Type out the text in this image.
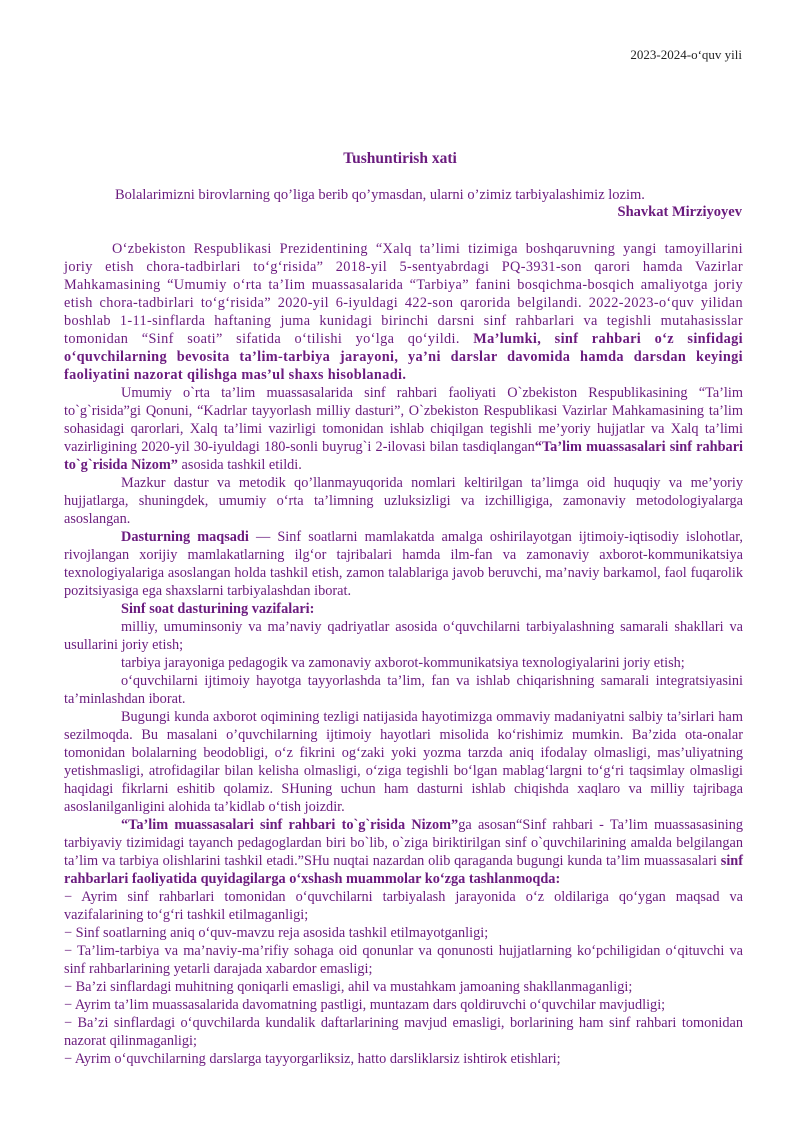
2023-2024-o‘quv yili
Tushuntirish xati
Bolalarimizni birovlarning qo’liga berib qo’ymasdan, ularni o’zimiz tarbiyalashimiz lozim.
Shavkat Mirziyoyev

O‘zbekiston Respublikasi Prezidentining “Xalq ta’limi tizimiga boshqaruvning yangi tamoyillarini joriy etish chora-tadbirlari to‘g‘risida” 2018-yil 5-sentyabrdagi PQ-3931-son qarori hamda Vazirlar Mahkamasining “Umumiy o‘rta ta’Iim muassasalarida “Tarbiya” fanini bosqichma-bosqich amaliyotga joriy etish chora-tadbirlari to‘g‘risida” 2020-yil 6-iyuldagi 422-son qarorida belgilandi. 2022-2023-o‘quv yilidan boshlab 1-11-sinflarda haftaning juma kunidagi birinchi darsni sinf rahbarlari va tegishli mutahasisslar tomonidan “Sinf soati” sifatida o‘tilishi yo‘lga qo‘yildi. Ma’lumki, sinf rahbari o‘z sinfidagi o‘quvchilarning bevosita ta’lim-tarbiya jarayoni, ya’ni darslar davomida hamda darsdan keyingi faoliyatini nazorat qilishga mas’ul shaxs hisoblanadi.

Umumiy o`rta ta’lim muassasalarida sinf rahbari faoliyati O`zbekiston Respublikasining “Ta’lim to`g`risida”gi Qonuni, “Kadrlar tayyorlash milliy dasturi”, O`zbekiston Respublikasi Vazirlar Mahkamasining ta’lim sohasidagi qarorlari, Xalq ta’limi vazirligi tomonidan ishlab chiqilgan tegishli me’yoriy hujjatlar va Xalq ta’limi vazirligining 2020-yil 30-iyuldagi 180-sonli buyrug`i 2-ilovasi bilan tasdiqlangan“Ta’lim muassasalari sinf rahbari to`g`risida Nizom” asosida tashkil etildi.

Mazkur dastur va metodik qo’llanmayuqorida nomlari keltirilgan ta’limga oid huquqiy va me’yoriy hujjatlarga, shuningdek, umumiy o‘rta ta’limning uzluksizligi va izchilligiga, zamonaviy metodologiyalarga asoslangan.

Dasturning maqsadi — Sinf soatlarni mamlakatda amalga oshirilayotgan ijtimoiy-iqtisodiy islohotlar, rivojlangan xorijiy mamlakatlarning ilg‘or tajribalari hamda ilm-fan va zamonaviy axborot-kommunikatsiya texnologiyalariga asoslangan holda tashkil etish, zamon talablariga javob beruvchi, ma’naviy barkamol, faol fuqarolik pozitsiyasiga ega shaxslarni tarbiyalashdan iborat.

Sinf soat dasturining vazifalari:

milliy, umuminsoniy va ma’naviy qadriyatlar asosida o‘quvchilarni tarbiyalashning samarali shakllari va usullarini joriy etish;

tarbiya jarayoniga pedagogik va zamonaviy axborot-kommunikatsiya texnologiyalarini joriy etish;

o‘quvchilarni ijtimoiy hayotga tayyorlashda ta’lim, fan va ishlab chiqarishning samarali integratsiyasini ta’minlashdan iborat.

Bugungi kunda axborot oqimining tezligi natijasida hayotimizga ommaviy madaniyatni salbiy ta’sirlari ham sezilmoqda. Bu masalani o’quvchilarning ijtimoiy hayotlari misolida ko‘rishimiz mumkin. Ba’zida ota-onalar tomonidan bolalarning beodobligi, o‘z fikrini og‘zaki yoki yozma tarzda aniq ifodalay olmasligi, mas’uliyatning yetishmasligi, atrofidagilar bilan kelisha olmasligi, o‘ziga tegishli bo‘lgan mablag‘largni to‘g‘ri taqsimlay olmasligi haqidagi fikrlarni eshitib qolamiz. SHuning uchun ham dasturni ishlab chiqishda xaqlaro va milliy tajribaga asoslanilganligini alohida ta’kidlab o‘tish joizdir.

“Ta’lim muassasalari sinf rahbari to`g`risida Nizom”ga asosan“Sinf rahbari - Ta’lim muassasasining tarbiyaviy tizimidagi tayanch pedagoglardan biri bo`lib, o`ziga biriktirilgan sinf o`quvchilarining amalda belgilangan ta’lim va tarbiya olishlarini tashkil etadi.”SHu nuqtai nazardan olib qaraganda bugungi kunda ta’lim muassasalari sinf rahbarlari faoliyatida quyidagilarga o‘xshash muammolar ko‘zga tashlanmoqda:

− Ayrim sinf rahbarlari tomonidan o‘quvchilarni tarbiyalash jarayonida o‘z oldilariga qo‘ygan maqsad va vazifalarining to‘g‘ri tashkil etilmaganligi;

− Sinf soatlarning aniq o‘quv-mavzu reja asosida tashkil etilmayotganligi;

− Ta’lim-tarbiya va ma’naviy-ma’rifiy sohaga oid qonunlar va qonunosti hujjatlarning ko‘pchiligidan o‘qituvchi va sinf rahbarlarining yetarli darajada xabardor emasligi;

− Ba’zi sinflardagi muhitning qoniqarli emasligi, ahil va mustahkam jamoaning shakllanmaganligi;

− Ayrim ta’lim muassasalarida davomatning pastligi, muntazam dars qoldiruvchi o‘quvchilar mavjudligi;

− Ba’zi sinflardagi o‘quvchilarda kundalik daftarlarining mavjud emasligi, borlarining ham sinf rahbari tomonidan nazorat qilinmaganligi;

− Ayrim o‘quvchilarning darslarga tayyorgarliksiz, hatto darsliklarsiz ishtirok etishlari;
